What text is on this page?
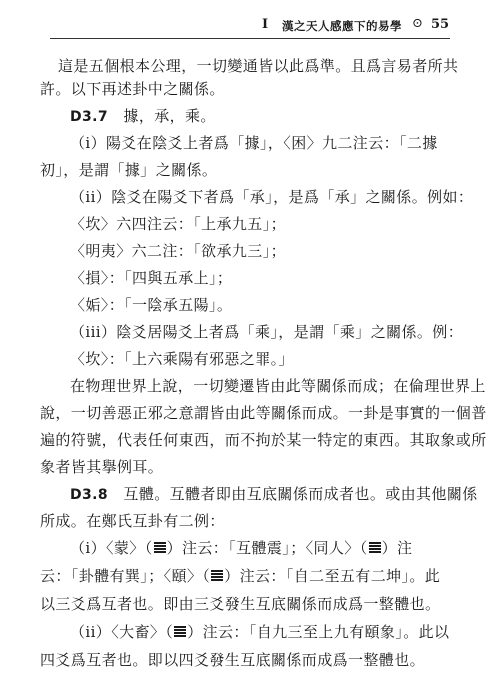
I 漢之天人感應下的易學 ⊙ 55
這是五個根本公理，一切變通皆以此爲準。且爲言易者所共
許。以下再述卦中之關係。
D3.7　據，承，乘。
（i）陽爻在陰爻上者爲「據」，〈困〉九二注云：「二據
初」，是謂「據」之關係。
（ii）陰爻在陽爻下者爲「承」，是爲「承」之關係。例如：
〈坎〉六四注云：「上承九五」；
〈明夷〉六二注：「欲承九三」；
〈損〉：「四與五承上」；
〈姤〉：「一陰承五陽」。
（iii）陰爻居陽爻上者爲「乘」，是謂「乘」之關係。例：
〈坎〉：「上六乘陽有邪惡之罪。」
在物理世界上說，一切變遷皆由此等關係而成；在倫理世界上
說，一切善惡正邪之意謂皆由此等關係而成。一卦是事實的一個普
遍的符號，代表任何東西，而不拘於某一特定的東西。其取象或所
象者皆其擧例耳。
D3.8　互體。互體者即由互底關係而成者也。或由其他關係
所成。在鄭氏互卦有二例：
（i）〈蒙〉（ ）注云：「互體震」；〈同人〉（ ）注
云：「卦體有巽」；〈頤〉（ ）注云：「自二至五有二坤」。此
以三爻爲互者也。即由三爻發生互底關係而成爲一整體也。
（ii）〈大畜〉（ ）注云：「自九三至上九有頤象」。此以
四爻爲互者也。即以四爻發生互底關係而成爲一整體也。
